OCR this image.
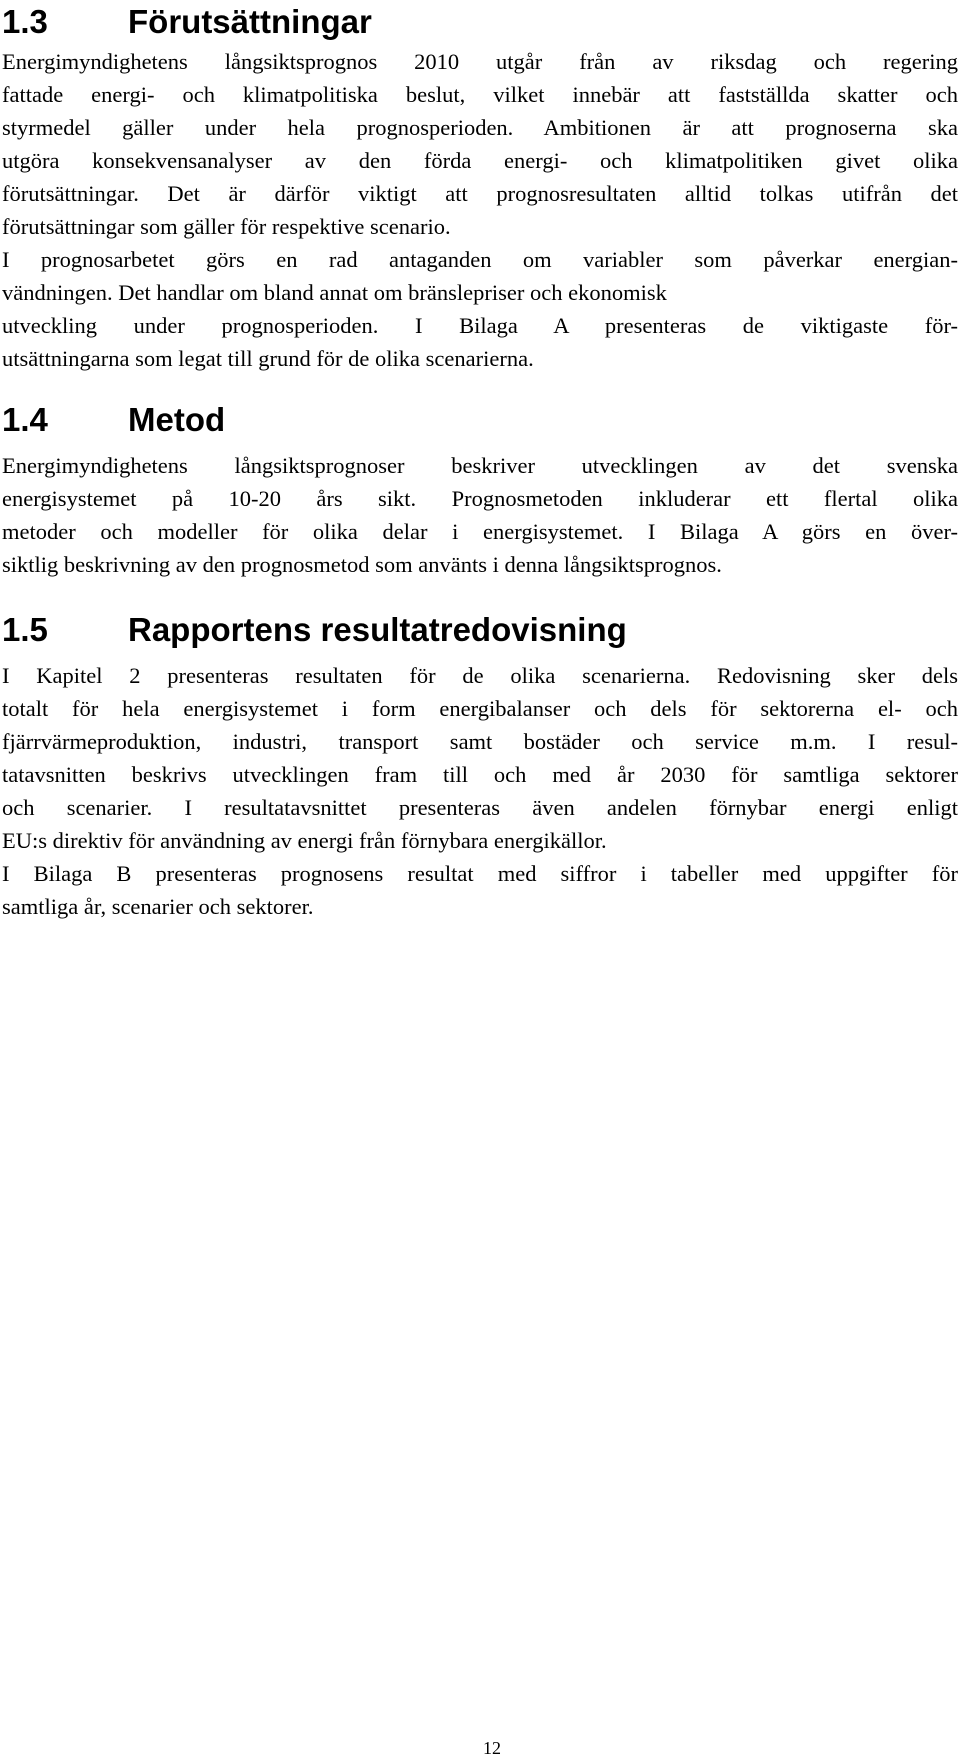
1.3 Förutsättningar

Energimyndighetens långsiktsprognos 2010 utgår från av riksdag och regering
fattade energi- och klimatpolitiska beslut, vilket innebär att fastställda skatter och
styrmedel gäller under hela prognosperioden. Ambitionen är att prognoserna ska
utgöra konsekvensanalyser av den förda energi- och klimatpolitiken givet olika
förutsättningar. Det är därför viktigt att prognosresultaten alltid tolkas utifrån det
förutsättningar som gäller för respektive scenario.

I prognosarbetet görs en rad antaganden om variabler som påverkar energian-
vändningen. Det handlar om bland annat om bränslepriser och ekonomisk
utveckling under prognosperioden. I Bilaga A presenteras de viktigaste för-
utsättningarna som legat till grund för de olika scenarierna.

1.4 Metod

Energimyndighetens långsiktsprognoser beskriver utvecklingen av det svenska
energisystemet på 10-20 års sikt. Prognosmetoden inkluderar ett flertal olika
metoder och modeller för olika delar i energisystemet. I Bilaga A görs en över-
siktlig beskrivning av den prognosmetod som använts i denna långsiktsprognos.

1.5 Rapportens resultatredovisning

I Kapitel 2 presenteras resultaten för de olika scenarierna. Redovisning sker dels
totalt för hela energisystemet i form energibalanser och dels för sektorerna el- och
fjärrvärmeproduktion, industri, transport samt bostäder och service m.m. I resul-
tatavsnitten beskrivs utvecklingen fram till och med år 2030 för samtliga sektorer
och scenarier. I resultatavsnittet presenteras även andelen förnybar energi enligt
EU:s direktiv för användning av energi från förnybara energikällor.

I Bilaga B presenteras prognosens resultat med siffror i tabeller med uppgifter för
samtliga år, scenarier och sektorer.

12
